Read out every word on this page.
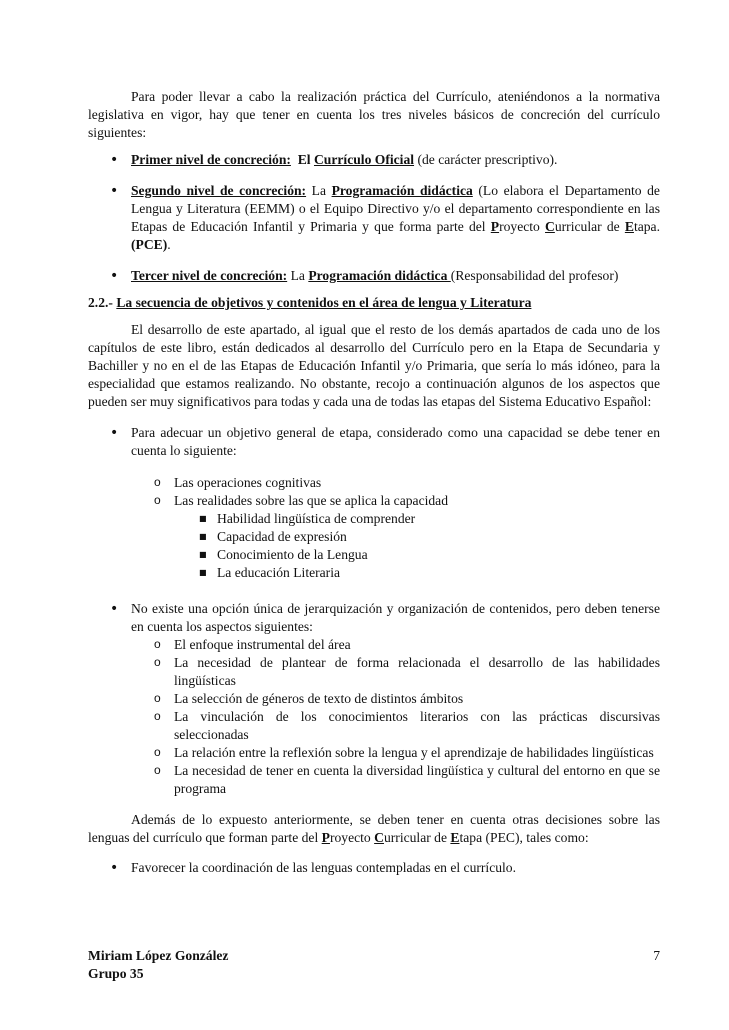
Para poder llevar a cabo la realización práctica del Currículo, ateniéndonos a la normativa legislativa en vigor, hay que tener en cuenta los tres niveles básicos de concreción del currículo siguientes:

• Primer nivel de concreción: El Currículo Oficial (de carácter prescriptivo).
• Segundo nivel de concreción: La Programación didáctica (Lo elabora el Departamento de Lengua y Literatura (EEMM) o el Equipo Directivo y/o el departamento correspondiente en las Etapas de Educación Infantil y Primaria y que forma parte del Proyecto Curricular de Etapa. (PCE).
• Tercer nivel de concreción: La Programación didáctica (Responsabilidad del profesor)

2.2.- La secuencia de objetivos y contenidos en el área de lengua y Literatura

El desarrollo de este apartado, al igual que el resto de los demás apartados de cada uno de los capítulos de este libro, están dedicados al desarrollo del Currículo pero en la Etapa de Secundaria y Bachiller y no en el de las Etapas de Educación Infantil y/o Primaria, que sería lo más idóneo, para la especialidad que estamos realizando. No obstante, recojo a continuación algunos de los aspectos que pueden ser muy significativos para todas y cada una de todas las etapas del Sistema Educativo Español:

• Para adecuar un objetivo general de etapa, considerado como una capacidad se debe tener en cuenta lo siguiente:
o Las operaciones cognitivas
o Las realidades sobre las que se aplica la capacidad
■ Habilidad lingüística de comprender
■ Capacidad de expresión
■ Conocimiento de la Lengua
■ La educación Literaria
• No existe una opción única de jerarquización y organización de contenidos, pero deben tenerse en cuenta los aspectos siguientes:
o El enfoque instrumental del área
o La necesidad de plantear de forma relacionada el desarrollo de las habilidades lingüísticas
o La selección de géneros de texto de distintos ámbitos
o La vinculación de los conocimientos literarios con las prácticas discursivas seleccionadas
o La relación entre la reflexión sobre la lengua y el aprendizaje de habilidades lingüísticas
o La necesidad de tener en cuenta la diversidad lingüística y cultural del entorno en que se programa

Además de lo expuesto anteriormente, se deben tener en cuenta otras decisiones sobre las lenguas del currículo que forman parte del Proyecto Curricular de Etapa (PEC), tales como:

• Favorecer la coordinación de las lenguas contempladas en el currículo.
Miriam López González
Grupo 35
7
